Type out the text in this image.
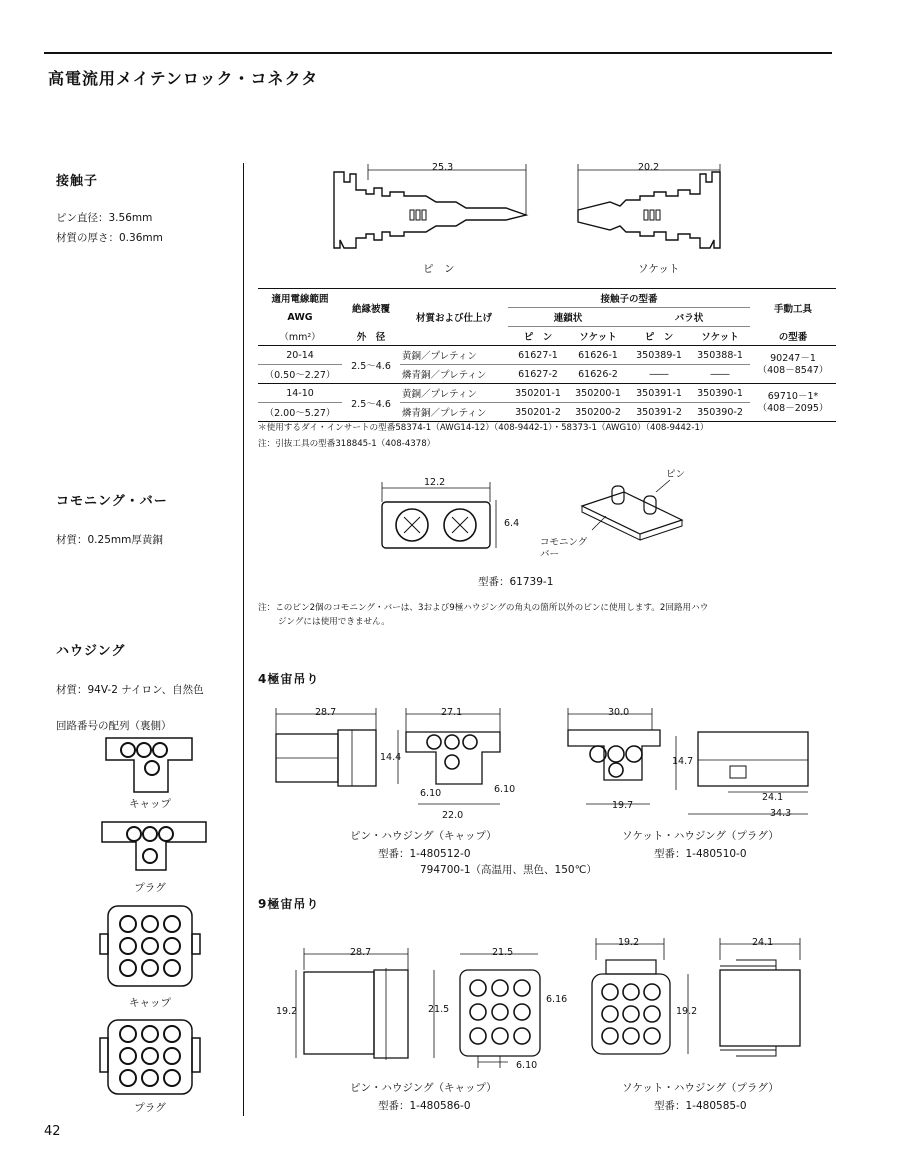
高電流用メイテンロック・コネクタ
接触子
ピン直径：3.56mm
材質の厚さ：0.36mm
コモニング・バー
材質：0.25mm厚黄銅
ハウジング
材質：94V-2 ナイロン、自然色
回路番号の配列（裏側）
キャップ
プラグ
キャップ
プラグ
42
25.3
ピ　ン
20.2
ソケット
適用電線範囲	絶縁被覆	材質および仕上げ	接触子の型番				手動工具
AWG			連鎖状		バラ状		
（mm²）	外　径		ピ　ン	ソケット	ピ　ン	ソケット	の型番
20-14	2.5～4.6	黄銅／プレティン	61627-1	61626-1	350389-1	350388-1	90247－1
（408－8547）
（0.50～2.27）		燐青銅／プレティン	61627-2	61626-2	――	――	
14-10	2.5～4.6	黄銅／プレティン	350201-1	350200-1	350391-1	350390-1	69710－1*
（408－2095）
（2.00～5.27）		燐青銅／プレティン	350201-2	350200-2	350391-2	350390-2	
＊使用するダイ・インサートの型番58374-1（AWG14-12）（408-9442-1）・58373-1（AWG10）（408-9442-1）
注：引抜工具の型番318845-1（408-4378）
12.2
6.4
ピン
コモニング
バー
型番：61739-1
注：このピン2個のコモニング・バーは、3および9極ハウジングの角丸の箇所以外のピンに使用します。2回路用ハウ
ジングには使用できません。
4極宙吊り
28.7	27.1
14.4
6.10	6.10
22.0
30.0
14.7
19.7
24.1
34.3
ピン・ハウジング（キャップ）
型番：1-480512-0
794700-1（高温用、黒色、150℃）
ソケット・ハウジング（プラグ）
型番：1-480510-0
9極宙吊り
28.7	21.5
19.2	21.5
6.16
6.10
19.2	24.1
19.2
ピン・ハウジング（キャップ）
型番：1-480586-0
ソケット・ハウジング（プラグ）
型番：1-480585-0
